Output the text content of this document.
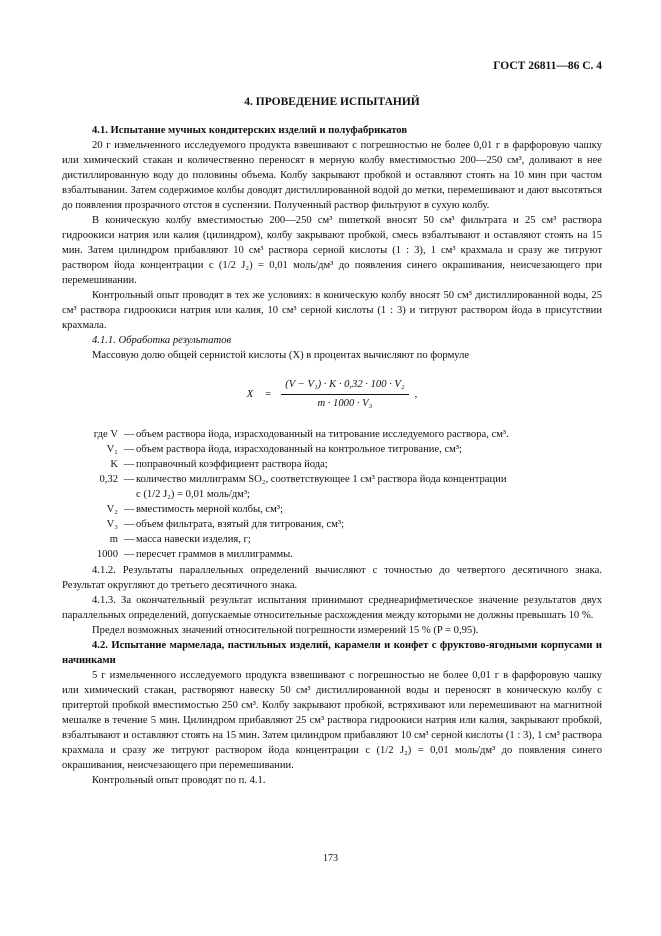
ГОСТ 26811—86 С. 4
4. ПРОВЕДЕНИЕ ИСПЫТАНИЙ

4.1. Испытание мучных кондитерских изделий и полуфабрикатов

20 г измельченного исследуемого продукта взвешивают с погрешностью не более 0,01 г в фарфоровую чашку или химический стакан и количественно переносят в мерную колбу вместимостью 200—250 см³, доливают в нее дистиллированную воду до половины объема. Колбу закрывают пробкой и оставляют стоять на 10 мин при частом взбалтывании. Затем содержимое колбы доводят дистиллированной водой до метки, перемешивают и дают высотяться до появления прозрачного отстоя в суспензии. Полученный раствор фильтруют в сухую колбу.

В коническую колбу вместимостью 200—250 см³ пипеткой вносят 50 см³ фильтрата и 25 см³ раствора гидроокиси натрия или калия (цилиндром), колбу закрывают пробкой, смесь взбалтывают и оставляют стоять на 15 мин. Затем цилиндром прибавляют 10 см³ раствора серной кислоты (1 : 3), 1 см³ крахмала и сразу же титруют раствором йода концентрации с (1/2 J₂) = 0,01 моль/дм³ до появления синего окрашивания, неисчезающего при перемешивании.

Контрольный опыт проводят в тех же условиях: в коническую колбу вносят 50 см³ дистиллированной воды, 25 см³ раствора гидроокиси натрия или калия, 10 см³ серной кислоты (1 : 3) и титруют раствором йода в присутствии крахмала.

4.1.1. Обработка результатов

Массовую долю общей сернистой кислоты (X) в процентах вычисляют по формуле

$X = \frac{\text{(V − V₁) · K · 0,32 · 100 · V₂}}{\text{m · 1000 · V₃}}$ ,
где V — объем раствора йода, израсходованный на титрование исследуемого раствора, см³.
V₁ — объем раствора йода, израсходованный на контрольное титрование, см³;
K — поправочный коэффициент раствора йода;
0,32 — количество миллиграмм SO₂, соответствующее 1 см³ раствора йода концентрации
с (1/2 J₂) = 0,01 моль/дм³;
V₂ — вместимость мерной колбы, см³;
V₃ — объем фильтрата, взятый для титрования, см³;
m — масса навески изделия, г;
1000 — пересчет граммов в миллиграммы.

4.1.2. Результаты параллельных определений вычисляют с точностью до четвертого десятичного знака. Результат округляют до третьего десятичного знака.

4.1.3. За окончательный результат испытания принимают среднеарифметическое значение результатов двух параллельных определений, допускаемые относительные расхождения между которыми не должны превышать 10 %.

Предел возможных значений относительной погрешности измерений 15 % (P = 0,95).

4.2. Испытание мармелада, пастильных изделий, карамели и конфет с фруктово-ягодными корпусами и начинками

5 г измельченного исследуемого продукта взвешивают с погрешностью не более 0,01 г в фарфоровую чашку или химический стакан, растворяют навеску 50 см³ дистиллированной воды и переносят в коническую колбу с притертой пробкой вместимостью 250 см³. Колбу закрывают пробкой, встряхивают или перемешивают на магнитной мешалке в течение 5 мин. Цилиндром прибавляют 25 см³ раствора гидроокиси натрия или калия, закрывают пробкой, взбалтывают и оставляют стоять на 15 мин. Затем цилиндром прибавляют 10 см³ серной кислоты (1 : 3), 1 см³ раствора крахмала и сразу же титруют раствором йода концентрации с (1/2 J₂) = 0,01 моль/дм³ до появления синего окрашивания, неисчезающего при перемешивании.

Контрольный опыт проводят по п. 4.1.

173
